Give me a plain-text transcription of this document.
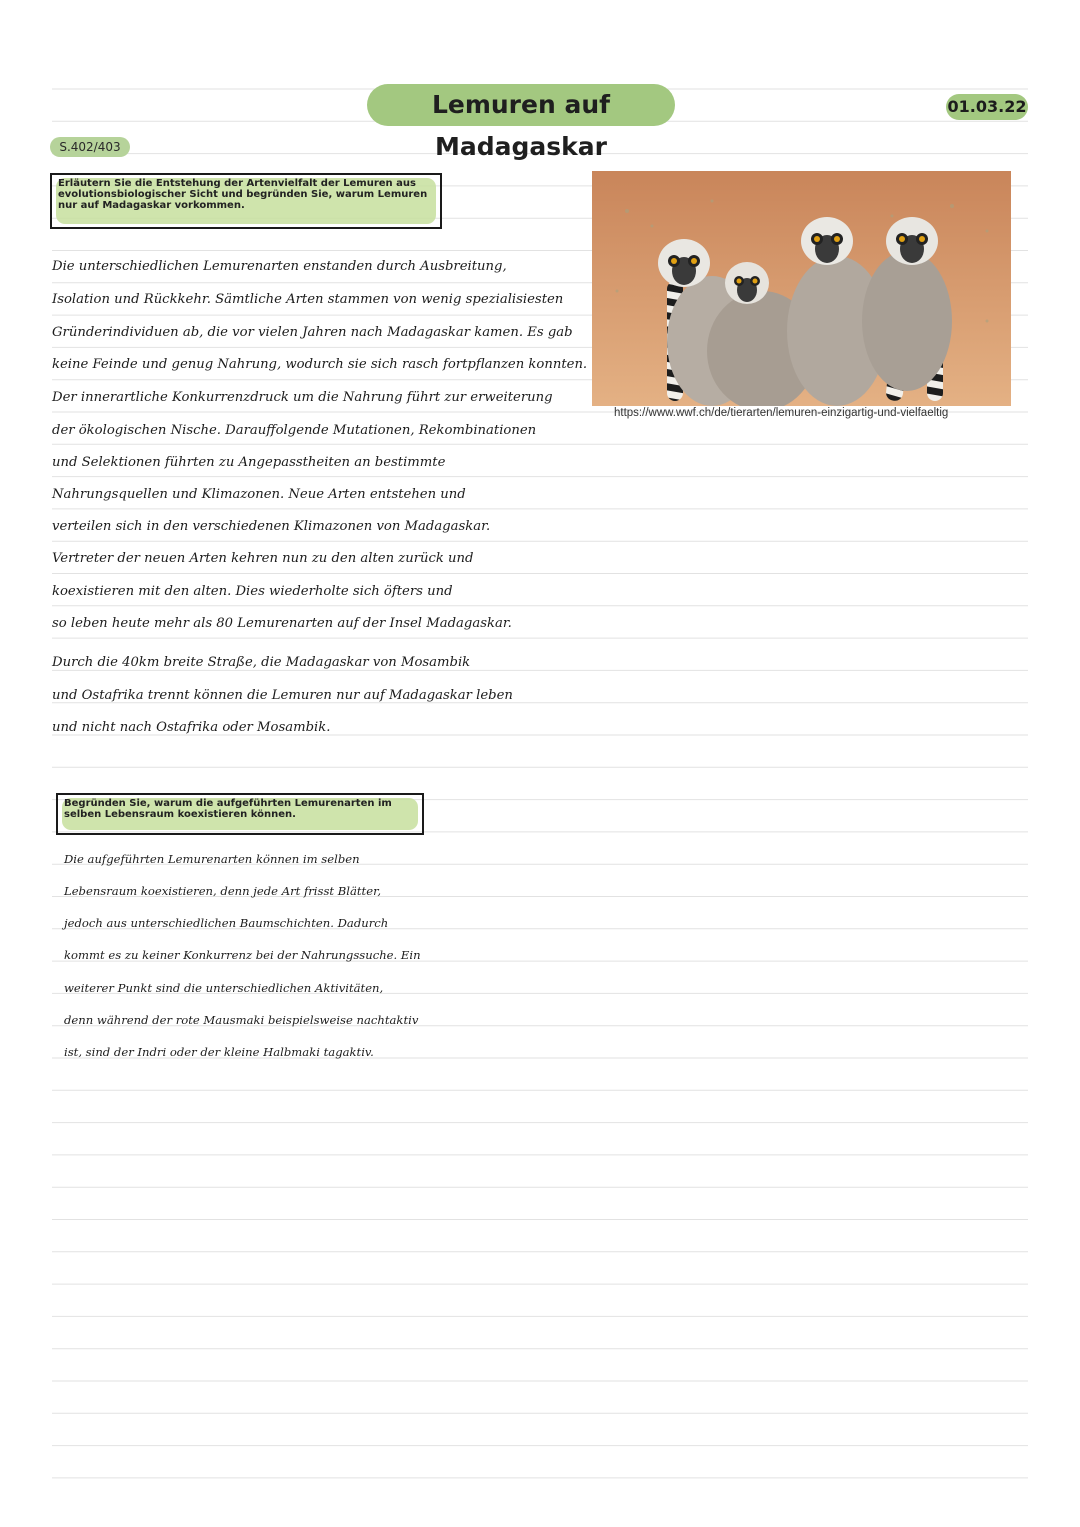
Lemuren auf Madagaskar
01.03.22
S.402/403
Erläutern Sie die Entstehung der Artenvielfalt der Lemuren aus evolutionsbiologischer Sicht und begründen Sie, warum Lemuren nur auf Madagaskar vorkommen.
Die unterschiedlichen Lemurenarten enstanden durch Ausbreitung,
Isolation und Rückkehr. Sämtliche Arten stammen von wenig spezialisiesten
Gründerindividuen ab, die vor vielen Jahren nach Madagaskar kamen. Es gab
keine Feinde und genug Nahrung, wodurch sie sich rasch fortpflanzen konnten.
Der innerartliche Konkurrenzdruck um die Nahrung führt zur erweiterung
der ökologischen Nische. Darauffolgende Mutationen, Rekombinationen
und Selektionen führten zu Angepasstheiten an bestimmte
Nahrungsquellen und Klimazonen. Neue Arten entstehen und
verteilen sich in den verschiedenen Klimazonen von Madagaskar.
Vertreter der neuen Arten kehren nun zu den alten zurück und
koexistieren mit den alten. Dies wiederholte sich öfters und
so leben heute mehr als 80 Lemurenarten auf der Insel Madagaskar.
Durch die 40km breite Straße, die Madagaskar von Mosambik
und Ostafrika trennt können die Lemuren nur auf Madagaskar leben
und nicht nach Ostafrika oder Mosambik.
https://www.wwf.ch/de/tierarten/lemuren-einzigartig-und-vielfaeltig
Begründen Sie, warum die aufgeführten Lemurenarten im selben Lebensraum koexistieren können.
Die aufgeführten Lemurenarten können im selben
Lebensraum koexistieren, denn jede Art frisst Blätter,
jedoch aus unterschiedlichen Baumschichten. Dadurch
kommt es zu keiner Konkurrenz bei der Nahrungssuche. Ein
weiterer Punkt sind die unterschiedlichen Aktivitäten,
denn während der rote Mausmaki beispielsweise nachtaktiv
ist, sind der Indri oder der kleine Halbmaki tagaktiv.
